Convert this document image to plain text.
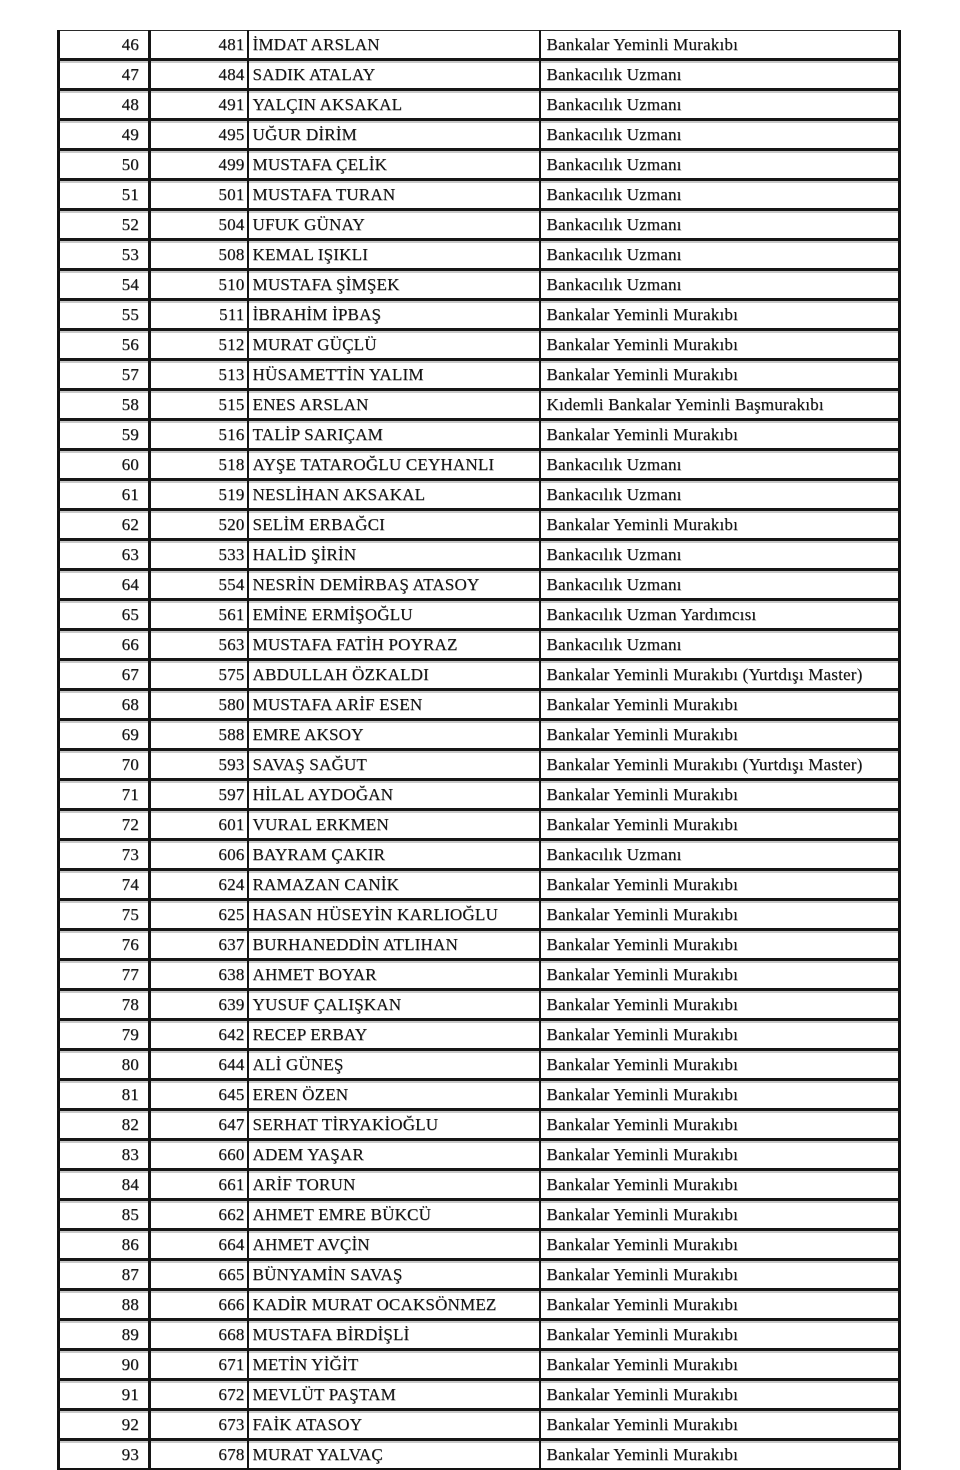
46	481	İMDAT ARSLAN	Bankalar Yeminli Murakıbı
47	484	SADIK ATALAY	Bankacılık Uzmanı
48	491	YALÇIN AKSAKAL	Bankacılık Uzmanı
49	495	UĞUR DİRİM	Bankacılık Uzmanı
50	499	MUSTAFA ÇELİK	Bankacılık Uzmanı
51	501	MUSTAFA TURAN	Bankacılık Uzmanı
52	504	UFUK GÜNAY	Bankacılık Uzmanı
53	508	KEMAL IŞIKLI	Bankacılık Uzmanı
54	510	MUSTAFA ŞİMŞEK	Bankacılık Uzmanı
55	511	İBRAHİM İPBAŞ	Bankalar Yeminli Murakıbı
56	512	MURAT GÜÇLÜ	Bankalar Yeminli Murakıbı
57	513	HÜSAMETTİN YALIM	Bankalar Yeminli Murakıbı
58	515	ENES ARSLAN	Kıdemli Bankalar Yeminli Başmurakıbı
59	516	TALİP SARIÇAM	Bankalar Yeminli Murakıbı
60	518	AYŞE TATAROĞLU CEYHANLI	Bankacılık Uzmanı
61	519	NESLİHAN AKSAKAL	Bankacılık Uzmanı
62	520	SELİM ERBAĞCI	Bankalar Yeminli Murakıbı
63	533	HALİD ŞİRİN	Bankacılık Uzmanı
64	554	NESRİN DEMİRBAŞ ATASOY	Bankacılık Uzmanı
65	561	EMİNE ERMİŞOĞLU	Bankacılık Uzman Yardımcısı
66	563	MUSTAFA FATİH POYRAZ	Bankacılık Uzmanı
67	575	ABDULLAH ÖZKALDI	Bankalar Yeminli Murakıbı (Yurtdışı Master)
68	580	MUSTAFA ARİF ESEN	Bankalar Yeminli Murakıbı
69	588	EMRE AKSOY	Bankalar Yeminli Murakıbı
70	593	SAVAŞ SAĞUT	Bankalar Yeminli Murakıbı (Yurtdışı Master)
71	597	HİLAL AYDOĞAN	Bankalar Yeminli Murakıbı
72	601	VURAL ERKMEN	Bankalar Yeminli Murakıbı
73	606	BAYRAM ÇAKIR	Bankacılık Uzmanı
74	624	RAMAZAN CANİK	Bankalar Yeminli Murakıbı
75	625	HASAN HÜSEYİN KARLIOĞLU	Bankalar Yeminli Murakıbı
76	637	BURHANEDDİN ATLIHAN	Bankalar Yeminli Murakıbı
77	638	AHMET BOYAR	Bankalar Yeminli Murakıbı
78	639	YUSUF ÇALIŞKAN	Bankalar Yeminli Murakıbı
79	642	RECEP ERBAY	Bankalar Yeminli Murakıbı
80	644	ALİ GÜNEŞ	Bankalar Yeminli Murakıbı
81	645	EREN ÖZEN	Bankalar Yeminli Murakıbı
82	647	SERHAT TİRYAKİOĞLU	Bankalar Yeminli Murakıbı
83	660	ADEM YAŞAR	Bankalar Yeminli Murakıbı
84	661	ARİF TORUN	Bankalar Yeminli Murakıbı
85	662	AHMET EMRE BÜKCÜ	Bankalar Yeminli Murakıbı
86	664	AHMET AVÇİN	Bankalar Yeminli Murakıbı
87	665	BÜNYAMİN SAVAŞ	Bankalar Yeminli Murakıbı
88	666	KADİR MURAT OCAKSÖNMEZ	Bankalar Yeminli Murakıbı
89	668	MUSTAFA BİRDİŞLİ	Bankalar Yeminli Murakıbı
90	671	METİN YİĞİT	Bankalar Yeminli Murakıbı
91	672	MEVLÜT PAŞTAM	Bankalar Yeminli Murakıbı
92	673	FAİK ATASOY	Bankalar Yeminli Murakıbı
93	678	MURAT YALVAÇ	Bankalar Yeminli Murakıbı
